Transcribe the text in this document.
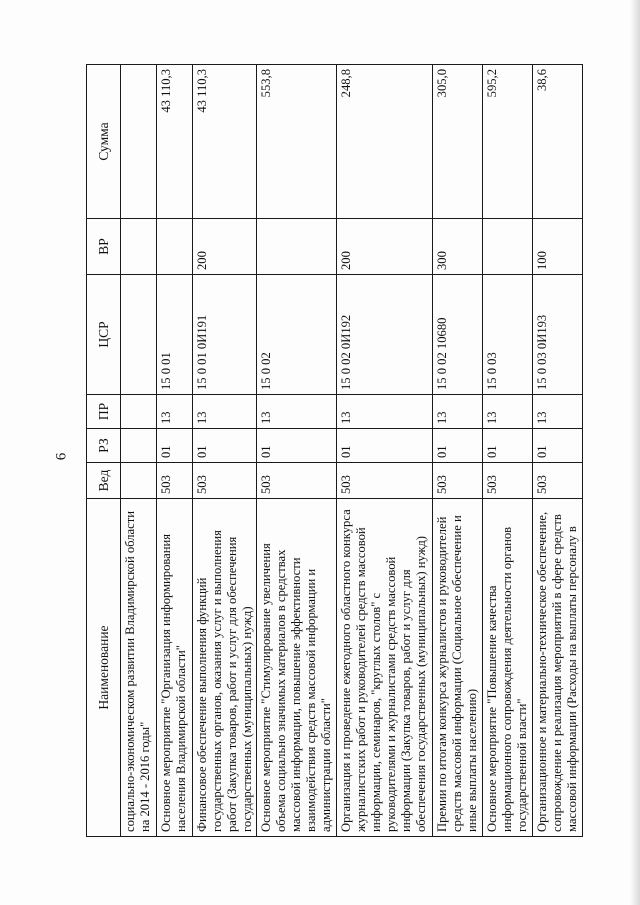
6
Наименование	Вед	РЗ	ПР	ЦСР	ВР	Сумма
социально-экономическом развитии Владимирской области на 2014 - 2016 годы"						
Основное мероприятие "Организация информирования населения Владимирской области"	503	01	13	15 0 01		43 110,3
Финансовое обеспечение выполнения функций государственных органов, оказания услуг и выполнения работ (Закупка товаров, работ и услуг для обеспечения государственных (муниципальных) нужд)	503	01	13	15 0 01 0И191	200	43 110,3
Основное мероприятие "Стимулирование увеличения объема социально значимых материалов в средствах массовой информации, повышение эффективности взаимодействия средств массовой информации и администрации области"	503	01	13	15 0 02		553,8
Организация и проведение ежегодного областного конкурса журналистских работ и руководителей средств массовой информации, семинаров, "круглых столов" с руководителями и журналистами средств массовой информации (Закупка товаров, работ и услуг для обеспечения государственных (муниципальных) нужд)	503	01	13	15 0 02 0И192	200	248,8
Премии по итогам конкурса журналистов и руководителей средств массовой информации (Социальное обеспечение и иные выплаты населению)	503	01	13	15 0 02 10680	300	305,0
Основное мероприятие "Повышение качества информационного сопровождения деятельности органов государственной власти"	503	01	13	15 0 03		595,2
Организационное и материально-техническое обеспечение, сопровождение и реализация мероприятий в сфере средств массовой информации (Расходы на выплаты персоналу в	503	01	13	15 0 03 0И193	100	38,6
